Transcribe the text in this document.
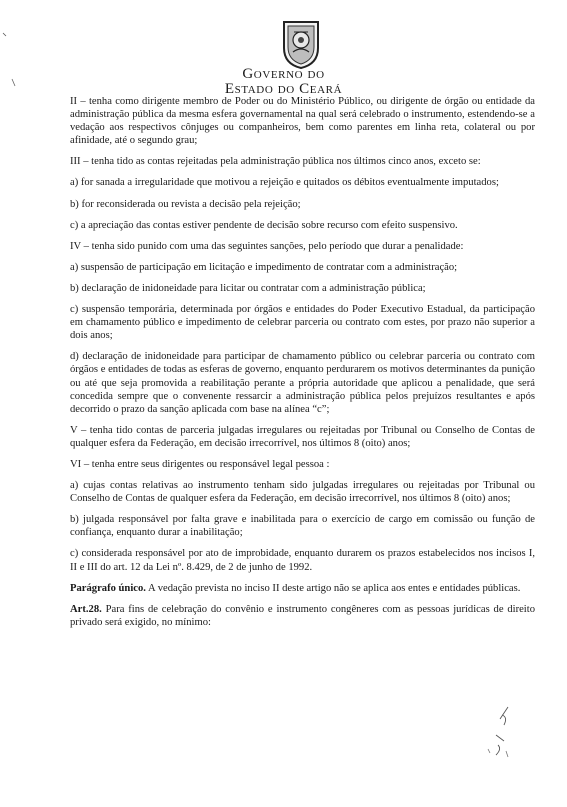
Governo do
Estado do Ceará

II – tenha como dirigente membro de Poder ou do Ministério Público, ou dirigente de órgão ou entidade da administração pública da mesma esfera governamental na qual será celebrado o instrumento, estendendo-se a vedação aos respectivos cônjuges ou companheiros, bem como parentes em linha reta, colateral ou por afinidade, até o segundo grau;

III – tenha tido as contas rejeitadas pela administração pública nos últimos cinco anos, exceto se:

a) for sanada a irregularidade que motivou a rejeição e quitados os débitos eventualmente imputados;

b) for reconsiderada ou revista a decisão pela rejeição;

c) a apreciação das contas estiver pendente de decisão sobre recurso com efeito suspensivo.

IV – tenha sido punido com uma das seguintes sanções, pelo período que durar a penalidade:

a) suspensão de participação em licitação e impedimento de contratar com a administração;

b) declaração de inidoneidade para licitar ou contratar com a administração pública;

c) suspensão temporária, determinada por órgãos e entidades do Poder Executivo Estadual, da participação em chamamento público e impedimento de celebrar parceria ou contrato com estes, por prazo não superior a dois anos;

d) declaração de inidoneidade para participar de chamamento público ou celebrar parceria ou contrato com órgãos e entidades de todas as esferas de governo, enquanto perdurarem os motivos determinantes da punição ou até que seja promovida a reabilitação perante a própria autoridade que aplicou a penalidade, que será concedida sempre que o convenente ressarcir a administração pública pelos prejuízos resultantes e após decorrido o prazo da sanção aplicada com base na alínea “c”;

V – tenha tido contas de parceria julgadas irregulares ou rejeitadas por Tribunal ou Conselho de Contas de qualquer esfera da Federação, em decisão irrecorrível, nos últimos 8 (oito) anos;

VI – tenha entre seus dirigentes ou responsável legal pessoa :

a) cujas contas relativas ao instrumento tenham sido julgadas irregulares ou rejeitadas por Tribunal ou Conselho de Contas de qualquer esfera da Federação, em decisão irrecorrível, nos últimos 8 (oito) anos;

b) julgada responsável por falta grave e inabilitada para o exercício de cargo em comissão ou função de confiança, enquanto durar a inabilitação;

c) considerada responsável por ato de improbidade, enquanto durarem os prazos estabelecidos nos incisos I, II e III do art. 12 da Lei nº. 8.429, de 2 de junho de 1992.

Parágrafo único. A vedação prevista no inciso II deste artigo não se aplica aos entes e entidades públicas.

Art.28. Para fins de celebração do convênio e instrumento congêneres com as pessoas jurídicas de direito privado será exigido, no mínimo:
